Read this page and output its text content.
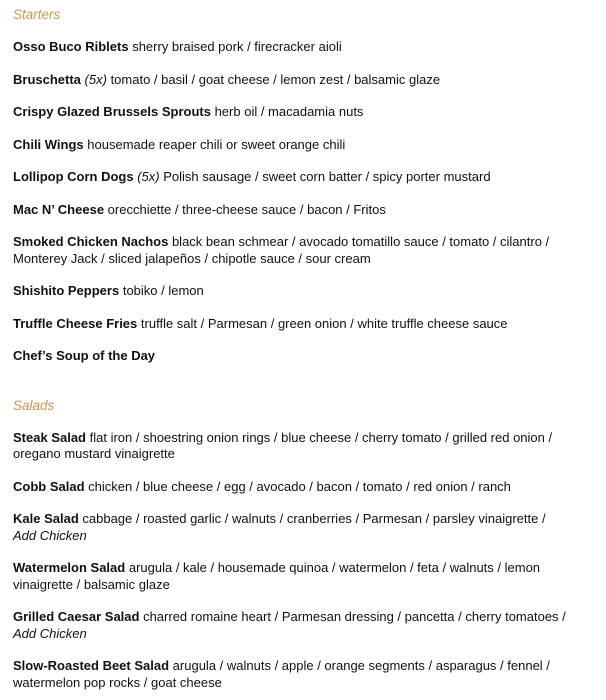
Starters
Osso Buco Riblets sherry braised pork / firecracker aioli
Bruschetta (5x) tomato / basil / goat cheese / lemon zest / balsamic glaze
Crispy Glazed Brussels Sprouts herb oil / macadamia nuts
Chili Wings housemade reaper chili or sweet orange chili
Lollipop Corn Dogs (5x) Polish sausage / sweet corn batter / spicy porter mustard
Mac N’ Cheese orecchiette / three-cheese sauce / bacon / Fritos
Smoked Chicken Nachos black bean schmear / avocado tomatillo sauce / tomato / cilantro / Monterey Jack / sliced jalapeños / chipotle sauce / sour cream
Shishito Peppers tobiko / lemon
Truffle Cheese Fries truffle salt / Parmesan / green onion / white truffle cheese sauce
Chef’s Soup of the Day
Salads
Steak Salad flat iron / shoestring onion rings / blue cheese / cherry tomato / grilled red onion / oregano mustard vinaigrette
Cobb Salad chicken / blue cheese / egg / avocado / bacon / tomato / red onion / ranch
Kale Salad cabbage / roasted garlic / walnuts / cranberries / Parmesan / parsley vinaigrette /
Add Chicken
Watermelon Salad arugula / kale / housemade quinoa / watermelon / feta / walnuts / lemon vinaigrette / balsamic glaze
Grilled Caesar Salad charred romaine heart / Parmesan dressing / pancetta / cherry tomatoes /
Add Chicken
Slow-Roasted Beet Salad arugula / walnuts / apple / orange segments / asparagus / fennel / watermelon pop rocks / goat cheese
